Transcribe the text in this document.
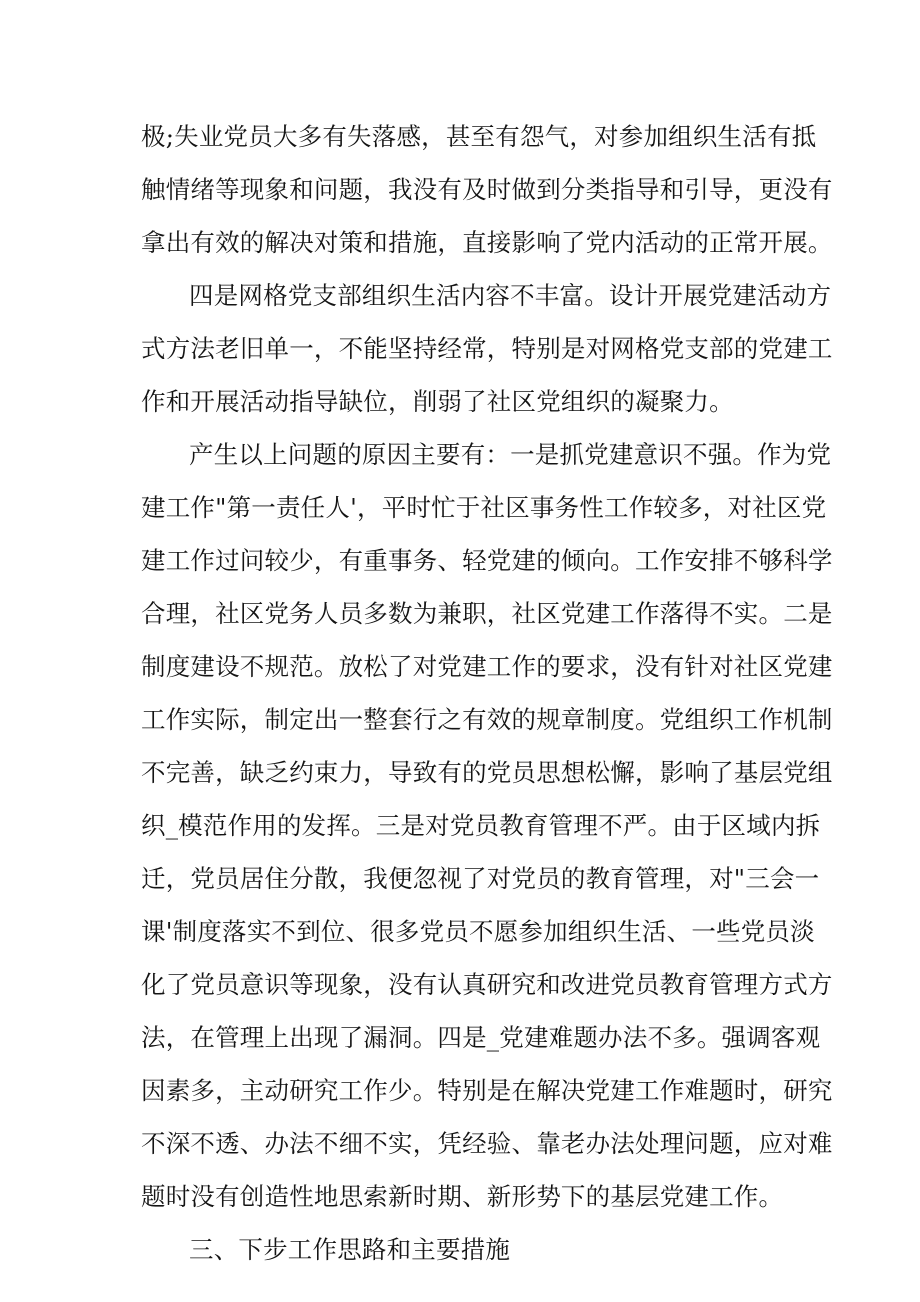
极;失业党员大多有失落感，甚至有怨气，对参加组织生活有抵
触情绪等现象和问题，我没有及时做到分类指导和引导，更没有
拿出有效的解决对策和措施，直接影响了党内活动的正常开展。
四是网格党支部组织生活内容不丰富。设计开展党建活动方
式方法老旧单一，不能坚持经常，特别是对网格党支部的党建工
作和开展活动指导缺位，削弱了社区党组织的凝聚力。
产生以上问题的原因主要有：一是抓党建意识不强。作为党
建工作"第一责任人'，平时忙于社区事务性工作较多，对社区党
建工作过问较少，有重事务、轻党建的倾向。工作安排不够科学
合理，社区党务人员多数为兼职，社区党建工作落得不实。二是
制度建设不规范。放松了对党建工作的要求，没有针对社区党建
工作实际，制定出一整套行之有效的规章制度。党组织工作机制
不完善，缺乏约束力，导致有的党员思想松懈，影响了基层党组
织_模范作用的发挥。三是对党员教育管理不严。由于区域内拆
迁，党员居住分散，我便忽视了对党员的教育管理，对"三会一
课'制度落实不到位、很多党员不愿参加组织生活、一些党员淡
化了党员意识等现象，没有认真研究和改进党员教育管理方式方
法，在管理上出现了漏洞。四是_党建难题办法不多。强调客观
因素多，主动研究工作少。特别是在解决党建工作难题时，研究
不深不透、办法不细不实，凭经验、靠老办法处理问题，应对难
题时没有创造性地思索新时期、新形势下的基层党建工作。
三、下步工作思路和主要措施
